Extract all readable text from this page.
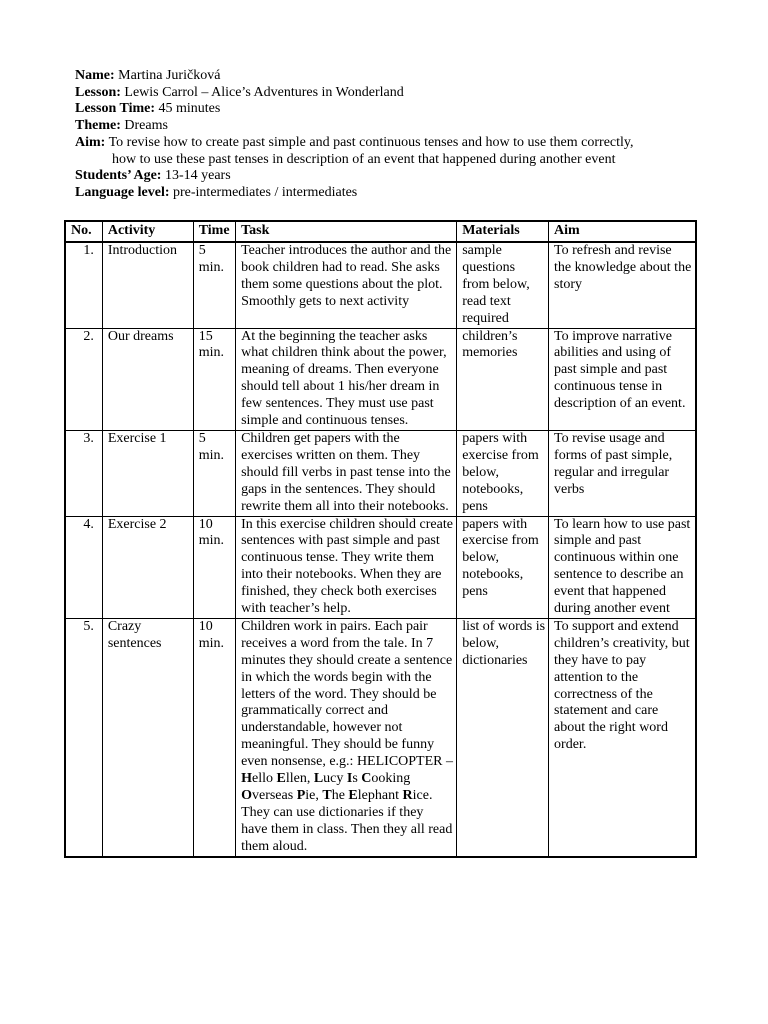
Name: Martina Juričková
Lesson: Lewis Carrol – Alice’s Adventures in Wonderland
Lesson Time: 45 minutes
Theme: Dreams
Aim: To revise how to create past simple and past continuous tenses and how to use them correctly,
how to use these past tenses in description of an event that happened during another event
Students’ Age: 13-14 years
Language level: pre-intermediates / intermediates
No.	Activity	Time	Task	Materials	Aim
1.	Introduction	5 min.	Teacher introduces the author and the book children had to read. She asks them some questions about the plot. Smoothly gets to next activity	sample questions from below, read text required	To refresh and revise the knowledge about the story
2.	Our dreams	15 min.	At the beginning the teacher asks what children think about the power, meaning of dreams. Then everyone should tell about 1 his/her dream in few sentences. They must use past simple and continuous tenses.	children’s memories	To improve narrative abilities and using of past simple and past continuous tense in description of an event.
3.	Exercise 1	5 min.	Children get papers with the exercises written on them. They should fill verbs in past tense into the gaps in the sentences. They should rewrite them all into their notebooks.	papers with exercise from below, notebooks, pens	To revise usage and forms of past simple, regular and irregular verbs
4.	Exercise 2	10 min.	In this exercise children should create sentences with past simple and past continuous tense. They write them into their notebooks. When they are finished, they check both exercises with teacher’s help.	papers with exercise from below, notebooks, pens	To learn how to use past simple and past continuous within one sentence to describe an event that happened during another event
5.	Crazy sentences	10 min.	Children work in pairs. Each pair receives a word from the tale. In 7 minutes they should create a sentence in which the words begin with the letters of the word. They should be grammatically correct and understandable, however not meaningful. They should be funny even nonsense, e.g.: HELICOPTER – Hello Ellen, Lucy Is Cooking Overseas Pie, The Elephant Rice. They can use dictionaries if they have them in class. Then they all read them aloud.	list of words is below, dictionaries	To support and extend children’s creativity, but they have to pay attention to the correctness of the statement and care about the right word order.
